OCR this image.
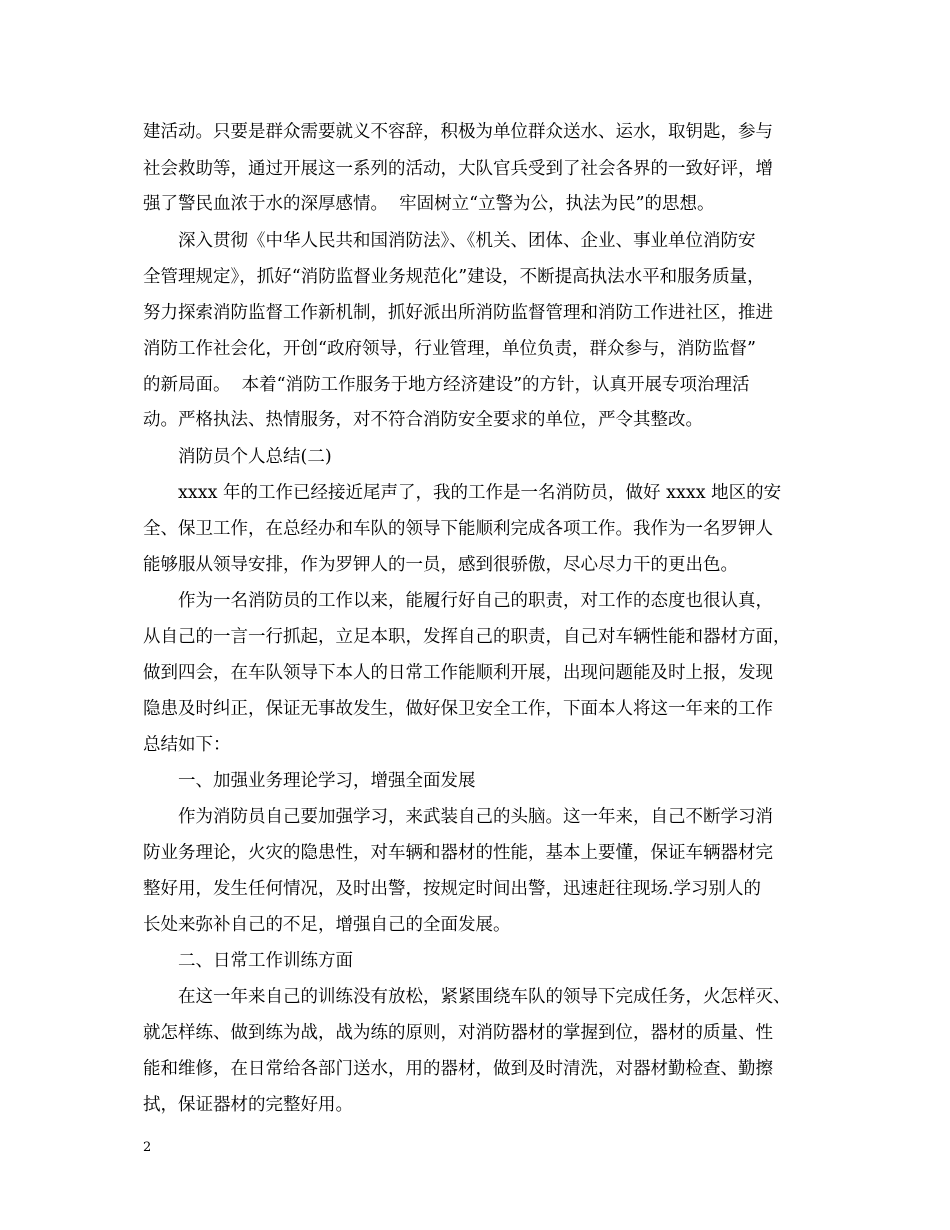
建活动。只要是群众需要就义不容辞，积极为单位群众送水、运水，取钥匙，参与
社会救助等，通过开展这一系列的活动，大队官兵受到了社会各界的一致好评，增
强了警民血浓于水的深厚感情。  牢固树立“立警为公，执法为民”的思想。
深入贯彻《中华人民共和国消防法》、《机关、团体、企业、事业单位消防安
全管理规定》，抓好“消防监督业务规范化”建设，不断提高执法水平和服务质量，
努力探索消防监督工作新机制，抓好派出所消防监督管理和消防工作进社区，推进
消防工作社会化，开创“政府领导，行业管理，单位负责，群众参与，消防监督”
的新局面。  本着“消防工作服务于地方经济建设”的方针，认真开展专项治理活
动。严格执法、热情服务，对不符合消防安全要求的单位，严令其整改。
消防员个人总结(二)
xxxx 年的工作已经接近尾声了，我的工作是一名消防员，做好 xxxx 地区的安
全、保卫工作，在总经办和车队的领导下能顺利完成各项工作。我作为一名罗钾人
能够服从领导安排，作为罗钾人的一员，感到很骄傲，尽心尽力干的更出色。
作为一名消防员的工作以来，能履行好自己的职责，对工作的态度也很认真，
从自己的一言一行抓起，立足本职，发挥自己的职责，自己对车辆性能和器材方面，
做到四会，在车队领导下本人的日常工作能顺利开展，出现问题能及时上报，发现
隐患及时纠正，保证无事故发生，做好保卫安全工作，下面本人将这一年来的工作
总结如下：
一、加强业务理论学习，增强全面发展
作为消防员自己要加强学习，来武装自己的头脑。这一年来，自己不断学习消
防业务理论，火灾的隐患性，对车辆和器材的性能，基本上要懂，保证车辆器材完
整好用，发生任何情况，及时出警，按规定时间出警，迅速赶往现场.学习别人的
长处来弥补自己的不足，增强自己的全面发展。
二、日常工作训练方面
在这一年来自己的训练没有放松，紧紧围绕车队的领导下完成任务，火怎样灭、
就怎样练、做到练为战，战为练的原则，对消防器材的掌握到位，器材的质量、性
能和维修，在日常给各部门送水，用的器材，做到及时清洗，对器材勤检查、勤擦
拭，保证器材的完整好用。
2
